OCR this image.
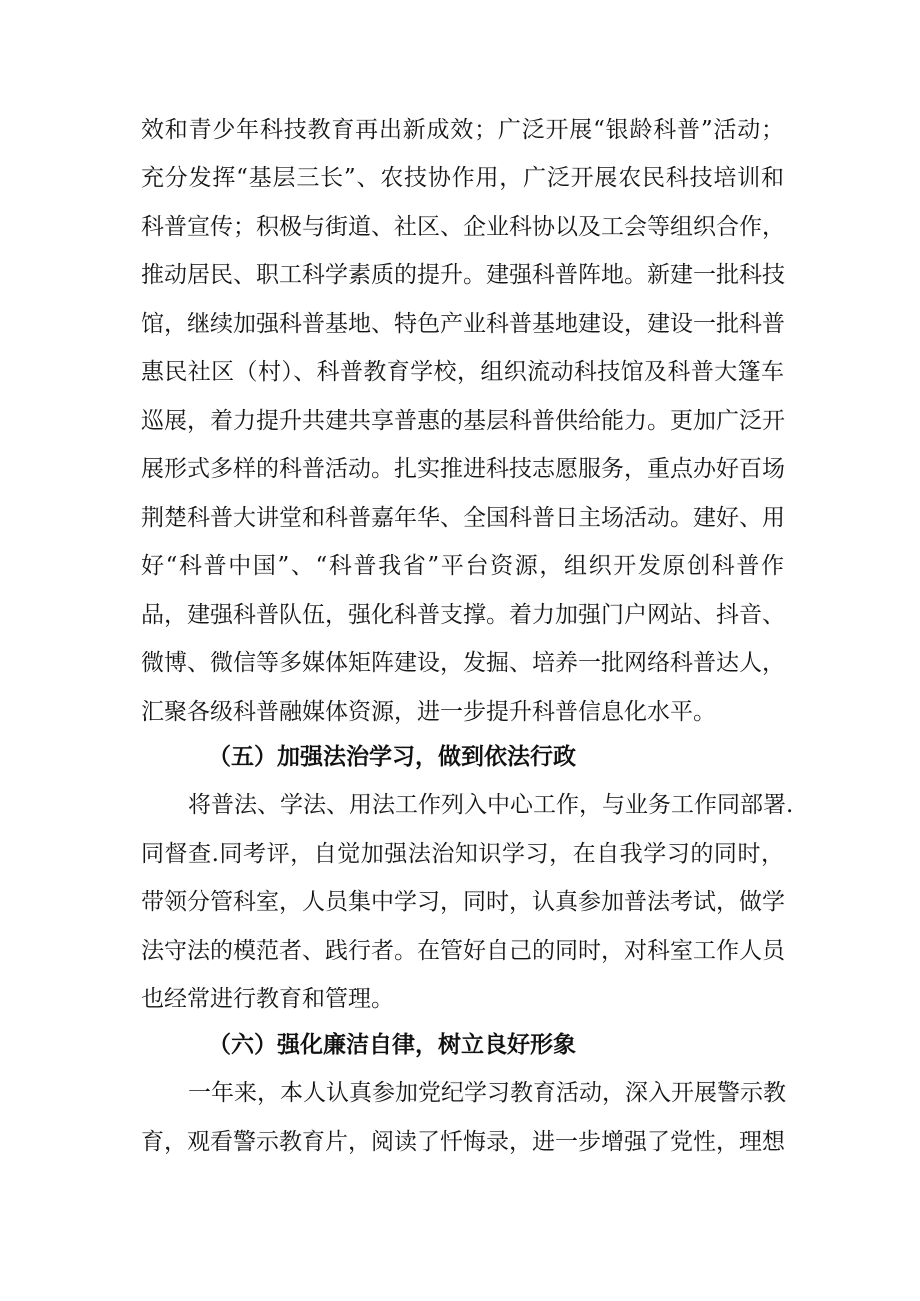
效和青少年科技教育再出新成效；广泛开展“银龄科普”活动；
充分发挥“基层三长”、农技协作用，广泛开展农民科技培训和
科普宣传；积极与街道、社区、企业科协以及工会等组织合作，
推动居民、职工科学素质的提升。建强科普阵地。新建一批科技
馆，继续加强科普基地、特色产业科普基地建设，建设一批科普
惠民社区（村）、科普教育学校，组织流动科技馆及科普大篷车
巡展，着力提升共建共享普惠的基层科普供给能力。更加广泛开
展形式多样的科普活动。扎实推进科技志愿服务，重点办好百场
荆楚科普大讲堂和科普嘉年华、全国科普日主场活动。建好、用
好“科普中国”、“科普我省”平台资源，组织开发原创科普作
品，建强科普队伍，强化科普支撑。着力加强门户网站、抖音、
微博、微信等多媒体矩阵建设，发掘、培养一批网络科普达人，
汇聚各级科普融媒体资源，进一步提升科普信息化水平。
（五）加强法治学习，做到依法行政
将普法、学法、用法工作列入中心工作，与业务工作同部署.
同督查.同考评，自觉加强法治知识学习，在自我学习的同时，
带领分管科室，人员集中学习，同时，认真参加普法考试，做学
法守法的模范者、践行者。在管好自己的同时，对科室工作人员
也经常进行教育和管理。
（六）强化廉洁自律，树立良好形象
一年来，本人认真参加党纪学习教育活动，深入开展警示教
育，观看警示教育片，阅读了忏悔录，进一步增强了党性，理想
